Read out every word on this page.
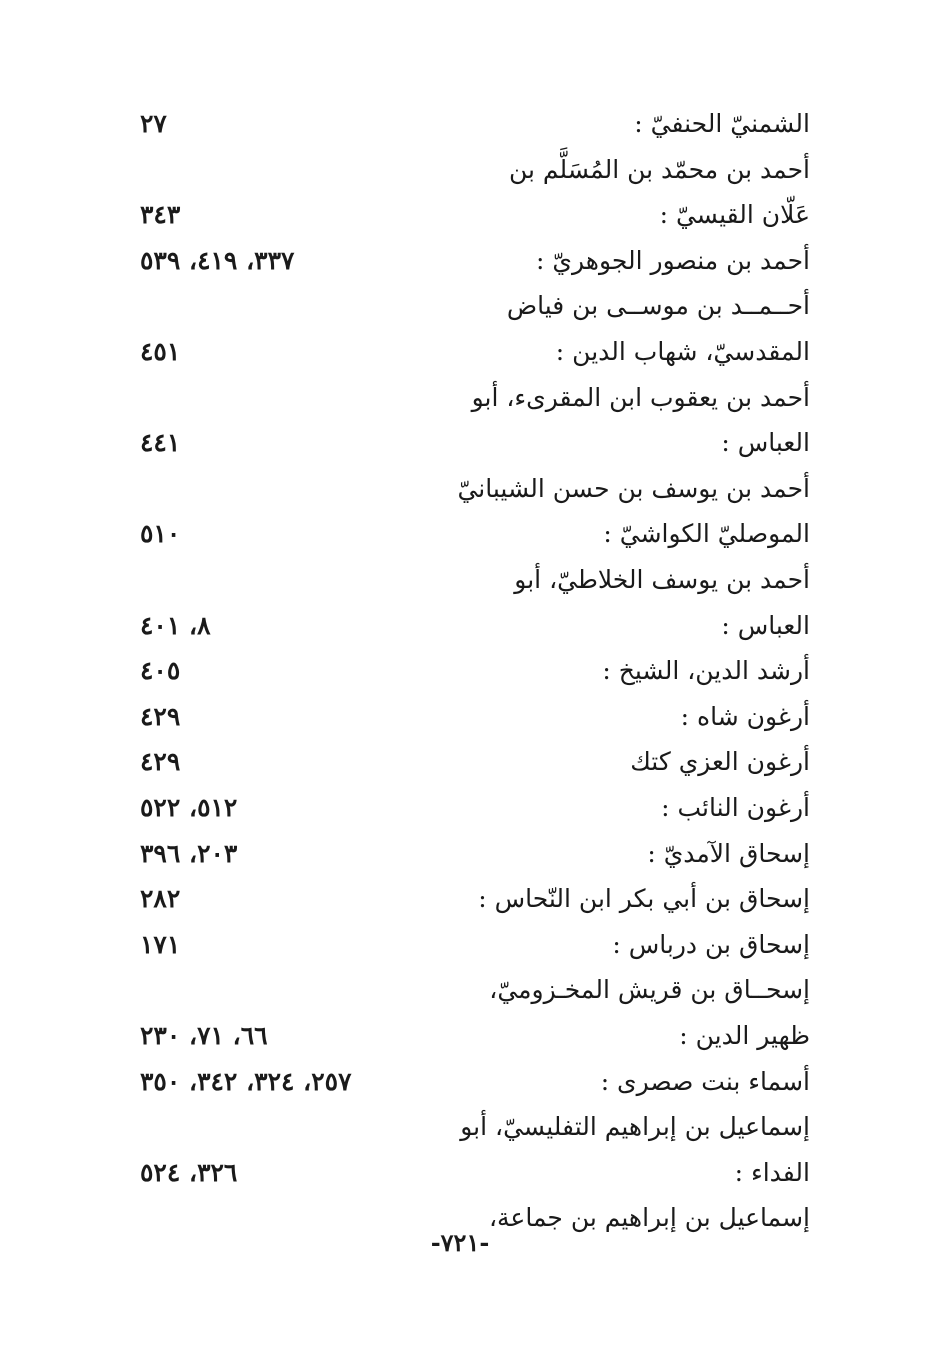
الشمنيّ الحنفيّ :
٢٧
أحمد بن محمّد بن المُسَلَّم بن
عَلّان القيسيّ :
٣٤٣
أحمد بن منصور الجوهريّ :
٣٣٧، ٤١٩، ٥٣٩
أحــمــد بن موســى بن فياض
المقدسيّ، شهاب الدين :
٤٥١
أحمد بن يعقوب ابن المقرىء، أبو
العباس :
٤٤١
أحمد بن يوسف بن حسن الشيبانيّ
الموصليّ الكواشيّ :
٥١٠
أحمد بن يوسف الخلاطيّ، أبو
العباس :
٨، ٤٠١
أرشد الدين، الشيخ :
٤٠٥
أرغون شاه :
٤٢٩
أرغون العزي كتك
٤٢٩
أرغون النائب :
٥١٢، ٥٢٢
إسحاق الآمديّ :
٢٠٣، ٣٩٦
إسحاق بن أبي بكر ابن النّحاس :
٢٨٢
إسحاق بن درباس :
١٧١
إسحــاق بن قريش المخـزوميّ،
ظهير الدين :
٦٦، ٧١، ٢٣٠
أسماء بنت صصرى :
٢٥٧، ٣٢٤، ٣٤٢، ٣٥٠
إسماعيل بن إبراهيم التفليسيّ، أبو
الفداء :
٣٢٦، ٥٢٤
إسماعيل بن إبراهيم بن جماعة،
-٧٢١-
